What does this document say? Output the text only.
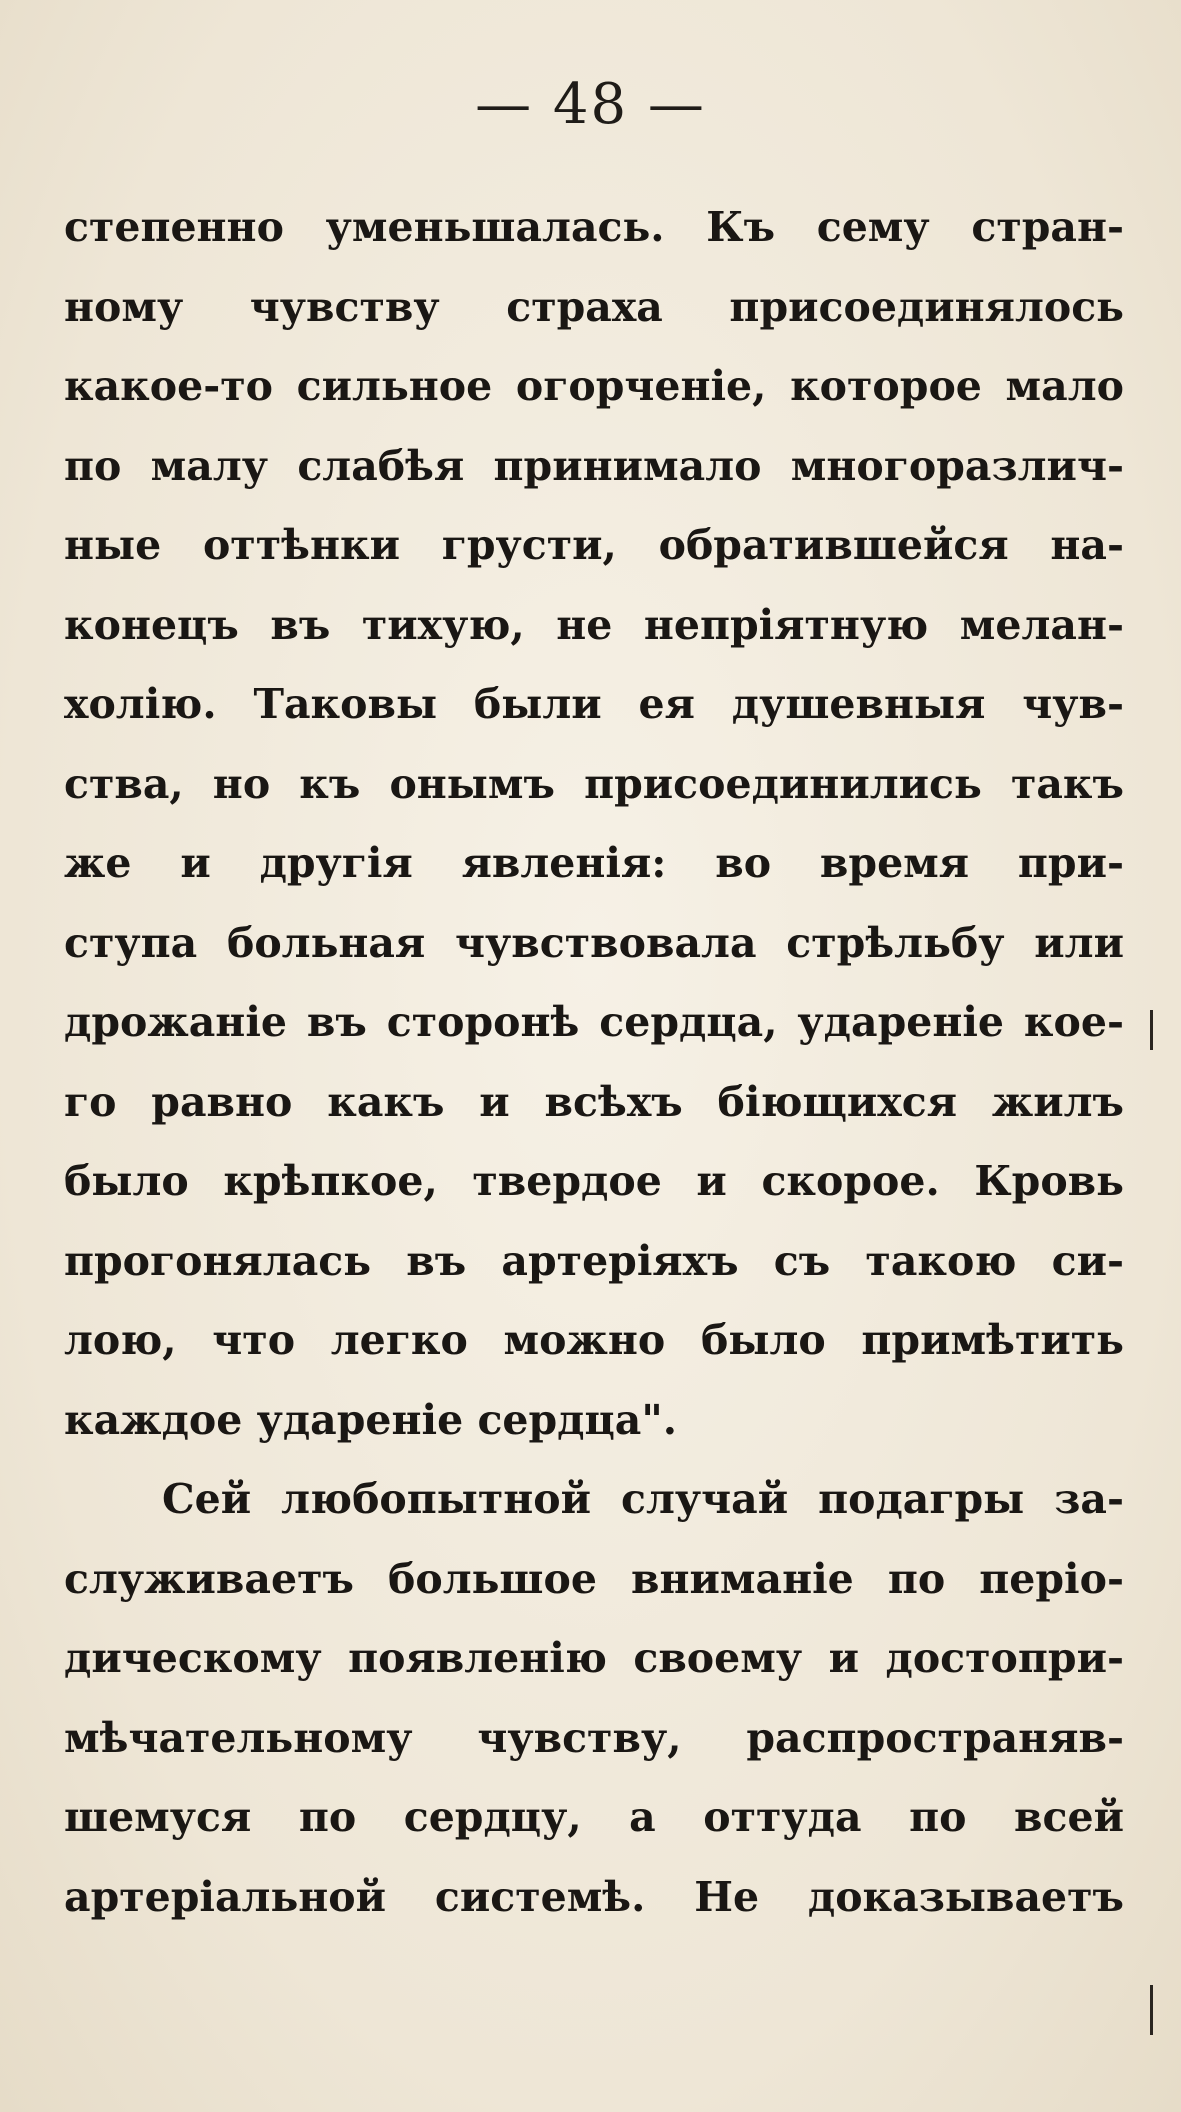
— 48 —
степенно уменьшалась. Къ сему стран-
ному чувству страха присоединялось
какое-то сильное огорченіе, которое мало
по малу слабѣя принимало многоразлич-
ные оттѣнки грусти, обратившейся на-
конецъ въ тихую, не непріятную мелан-
холію. Таковы были ея душевныя чув-
ства, но къ онымъ присоединились такъ
же и другія явленія: во время при-
ступа больная чувствовала стрѣльбу или
дрожаніе въ сторонѣ сердца, удареніе кое-
го равно какъ и всѣхъ біющихся жилъ
было крѣпкое, твердое и скорое. Кровь
прогонялась въ артеріяхъ съ такою си-
лою, что легко можно было примѣтить
каждое удареніе сердца".
Сей любопытной случай подагры за-
служиваетъ большое вниманіе по періо-
дическому появленію своему и достопри-
мѣчательному чувству, распространяв-
шемуся по сердцу, а оттуда по всей
артеріальной системѣ. Не доказываетъ
